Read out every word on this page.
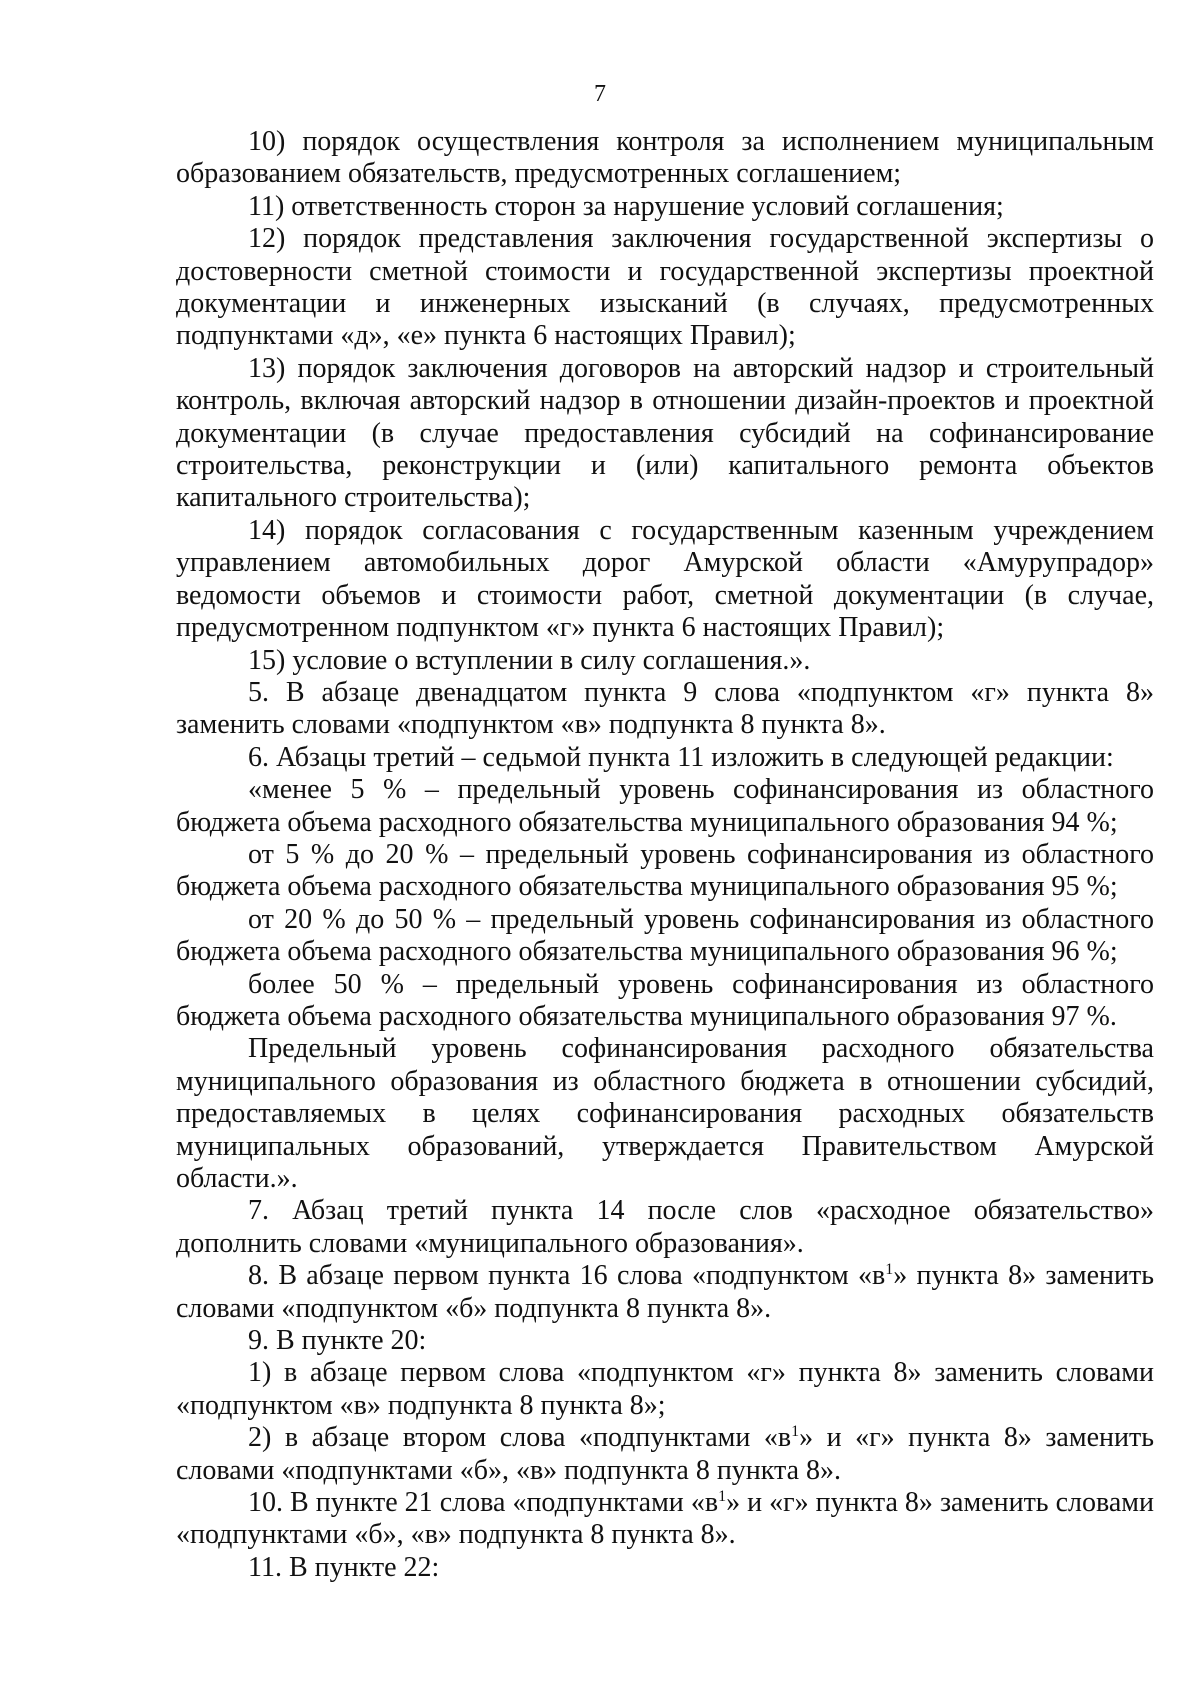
7

10) порядок осуществления контроля за исполнением муниципальным образованием обязательств, предусмотренных соглашением;

11) ответственность сторон за нарушение условий соглашения;

12) порядок представления заключения государственной экспертизы о достоверности сметной стоимости и государственной экспертизы проектной документации и инженерных изысканий (в случаях, предусмотренных подпунктами «д», «е» пункта 6 настоящих Правил);

13) порядок заключения договоров на авторский надзор и строительный контроль, включая авторский надзор в отношении дизайн-проектов и проектной документации (в случае предоставления субсидий на софинансирование строительства, реконструкции и (или) капитального ремонта объектов капитального строительства);

14) порядок согласования с государственным казенным учреждением управлением автомобильных дорог Амурской области «Амурупрадор» ведомости объемов и стоимости работ, сметной документации (в случае, предусмотренном подпунктом «г» пункта 6 настоящих Правил);

15) условие о вступлении в силу соглашения.».

5. В абзаце двенадцатом пункта 9 слова «подпунктом «г» пункта 8» заменить словами «подпунктом «в» подпункта 8 пункта 8».

6. Абзацы третий – седьмой пункта 11 изложить в следующей редакции:

«менее 5 % – предельный уровень софинансирования из областного бюджета объема расходного обязательства муниципального образования 94 %;

от 5 % до 20 % – предельный уровень софинансирования из областного бюджета объема расходного обязательства муниципального образования 95 %;

от 20 % до 50 % – предельный уровень софинансирования из областного бюджета объема расходного обязательства муниципального образования 96 %;

более 50 % – предельный уровень софинансирования из областного бюджета объема расходного обязательства муниципального образования 97 %.

Предельный уровень софинансирования расходного обязательства муниципального образования из областного бюджета в отношении субсидий, предоставляемых в целях софинансирования расходных обязательств муниципальных образований, утверждается Правительством Амурской области.».

7. Абзац третий пункта 14 после слов «расходное обязательство» дополнить словами «муниципального образования».

8. В абзаце первом пункта 16 слова «подпунктом «$в^1$» пункта 8» заменить словами «подпунктом «б» подпункта 8 пункта 8».

9. В пункте 20:

1) в абзаце первом слова «подпунктом «г» пункта 8» заменить словами «подпунктом «в» подпункта 8 пункта 8»;

2) в абзаце втором слова «подпунктами «$в^1$» и «г» пункта 8» заменить словами «подпунктами «б», «в» подпункта 8 пункта 8».

10. В пункте 21 слова «подпунктами «$в^1$» и «г» пункта 8» заменить словами «подпунктами «б», «в» подпункта 8 пункта 8».

11. В пункте 22:
